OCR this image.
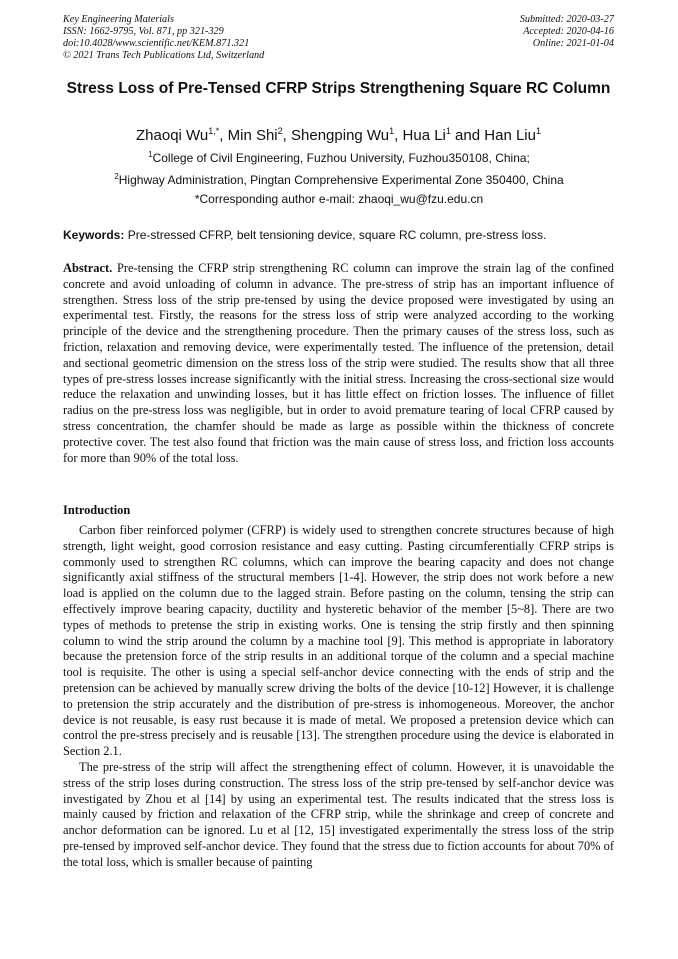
Key Engineering Materials
ISSN: 1662-9795, Vol. 871, pp 321-329
doi:10.4028/www.scientific.net/KEM.871.321
© 2021 Trans Tech Publications Ltd, Switzerland
Submitted: 2020-03-27
Accepted: 2020-04-16
Online: 2021-01-04
Stress Loss of Pre-Tensed CFRP Strips Strengthening Square RC Column
Zhaoqi $Wu^{1,*}$, Min Shi$^2$, Shengping Wu$^1$, Hua Li$^1$ and Han Liu$^1$
$^1$College of Civil Engineering, Fuzhou University, Fuzhou350108, China;
$^2$Highway Administration, Pingtan Comprehensive Experimental Zone 350400, China
*Corresponding author e-mail: zhaoqi_wu@fzu.edu.cn
Keywords: Pre-stressed CFRP, belt tensioning device, square RC column, pre-stress loss.

Abstract. Pre-tensing the CFRP strip strengthening RC column can improve the strain lag of the confined concrete and avoid unloading of column in advance. The pre-stress of strip has an important influence of strengthen. Stress loss of the strip pre-tensed by using the device proposed were investigated by using an experimental test. Firstly, the reasons for the stress loss of strip were analyzed according to the working principle of the device and the strengthening procedure. Then the primary causes of the stress loss, such as friction, relaxation and removing device, were experimentally tested. The influence of the pretension, detail and sectional geometric dimension on the stress loss of the strip were studied. The results show that all three types of pre-stress losses increase significantly with the initial stress. Increasing the cross-sectional size would reduce the relaxation and unwinding losses, but it has little effect on friction losses. The influence of fillet radius on the pre-stress loss was negligible, but in order to avoid premature tearing of local CFRP caused by stress concentration, the chamfer should be made as large as possible within the thickness of concrete protective cover. The test also found that friction was the main cause of stress loss, and friction loss accounts for more than 90% of the total loss.

Introduction

Carbon fiber reinforced polymer (CFRP) is widely used to strengthen concrete structures because of high strength, light weight, good corrosion resistance and easy cutting. Pasting circumferentially CFRP strips is commonly used to strengthen RC columns, which can improve the bearing capacity and does not change significantly axial stiffness of the structural members [1-4]. However, the strip does not work before a new load is applied on the column due to the lagged strain. Before pasting on the column, tensing the strip can effectively improve bearing capacity, ductility and hysteretic behavior of the member [5~8]. There are two types of methods to pretense the strip in existing works. One is tensing the strip firstly and then spinning column to wind the strip around the column by a machine tool [9]. This method is appropriate in laboratory because the pretension force of the strip results in an additional torque of the column and a special machine tool is requisite. The other is using a special self-anchor device connecting with the ends of strip and the pretension can be achieved by manually screw driving the bolts of the device [10-12] However, it is challenge to pretension the strip accurately and the distribution of pre-stress is inhomogeneous. Moreover, the anchor device is not reusable, is easy rust because it is made of metal. We proposed a pretension device which can control the pre-stress precisely and is reusable [13]. The strengthen procedure using the device is elaborated in Section 2.1.

The pre-stress of the strip will affect the strengthening effect of column. However, it is unavoidable the stress of the strip loses during construction. The stress loss of the strip pre-tensed by self-anchor device was investigated by Zhou et al [14] by using an experimental test. The results indicated that the stress loss is mainly caused by friction and relaxation of the CFRP strip, while the shrinkage and creep of concrete and anchor deformation can be ignored. Lu et al [12, 15] investigated experimentally the stress loss of the strip pre-tensed by improved self-anchor device. They found that the stress due to fiction accounts for about 70% of the total loss, which is smaller because of painting
